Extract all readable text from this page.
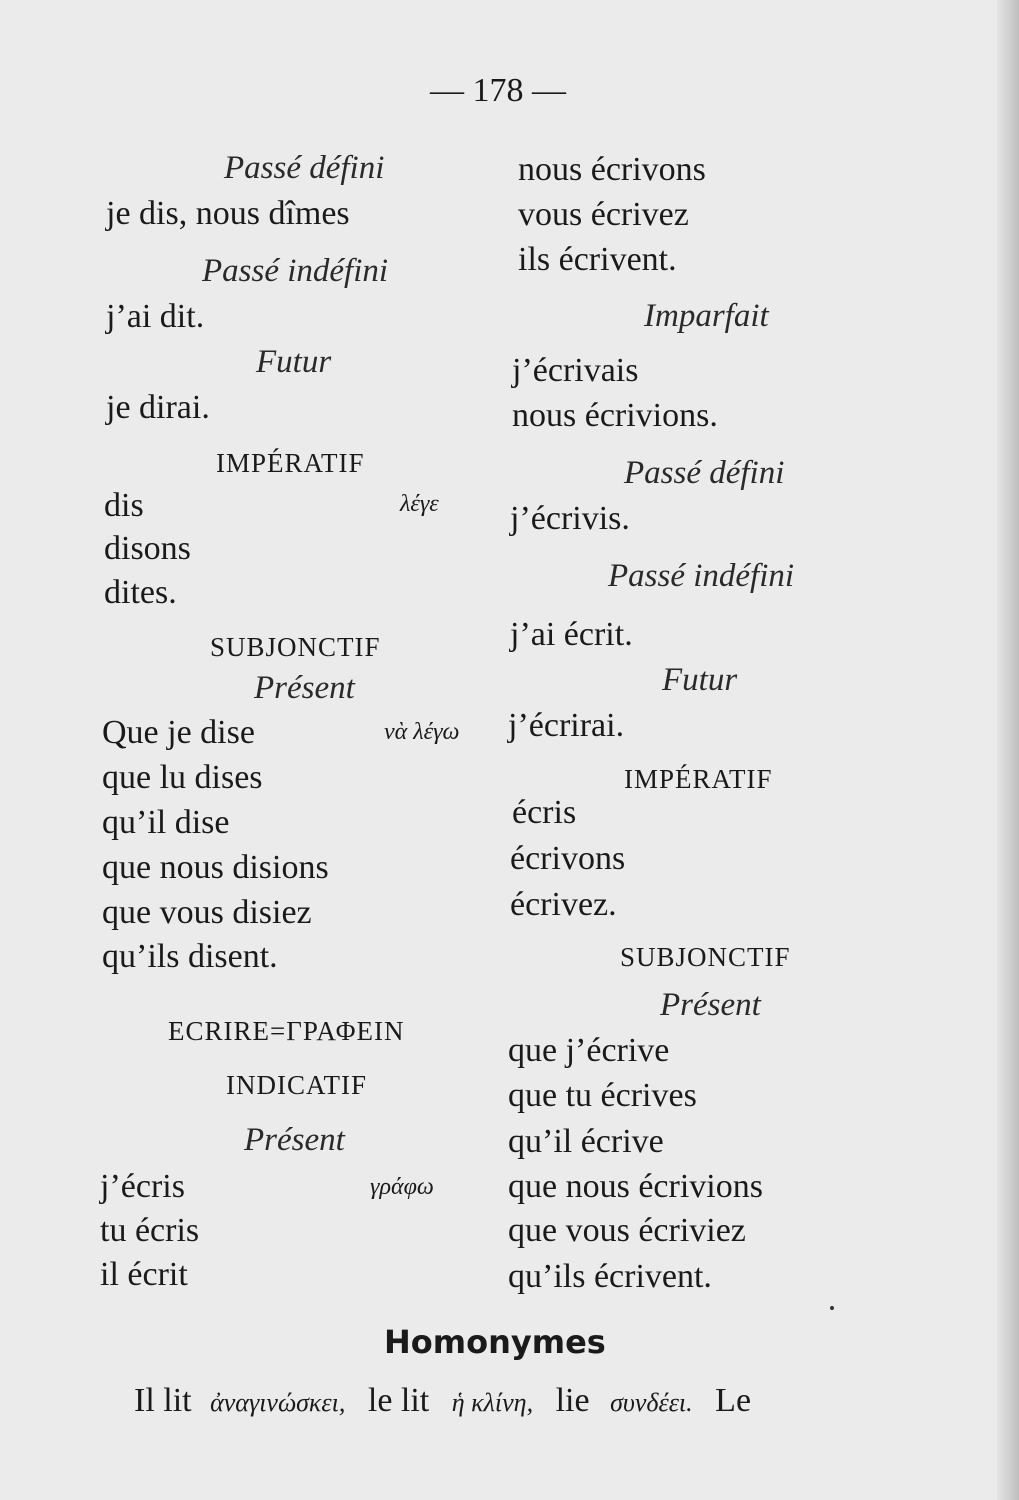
— 178 —
Passé défini
je dis, nous dîmes
Passé indéfini
j’ai dit.
Futur
je dirai.
IMPÉRATIF
dis	λέγε
disons
dites.
SUBJONCTIF
Présent
Que je dise	νὰ λέγω
que lu dises
qu’il dise
que nous disions
que vous disiez
qu’ils disent.
ECRIRE=ΓΡΑΦΕΙΝ
INDICATIF
Présent
j’écris	γράφω
tu écris
il écrit
nous écrivons
vous écrivez
ils écrivent.
Imparfait
j’écrivais
nous écrivions.
Passé défini
j’écrivis.
Passé indéfini
j’ai écrit.
Futur
j’écrirai.
IMPÉRATIF
écris
écrivons
écrivez.
SUBJONCTIF
Présent
que j’écrive
que tu écrives
qu’il écrive
que nous écrivions
que vous écriviez
qu’ils écrivent.
Homonymes
Il lit ἀναγινώσκει, le lit ἡ κλίνη, lie συνδέει. Le
